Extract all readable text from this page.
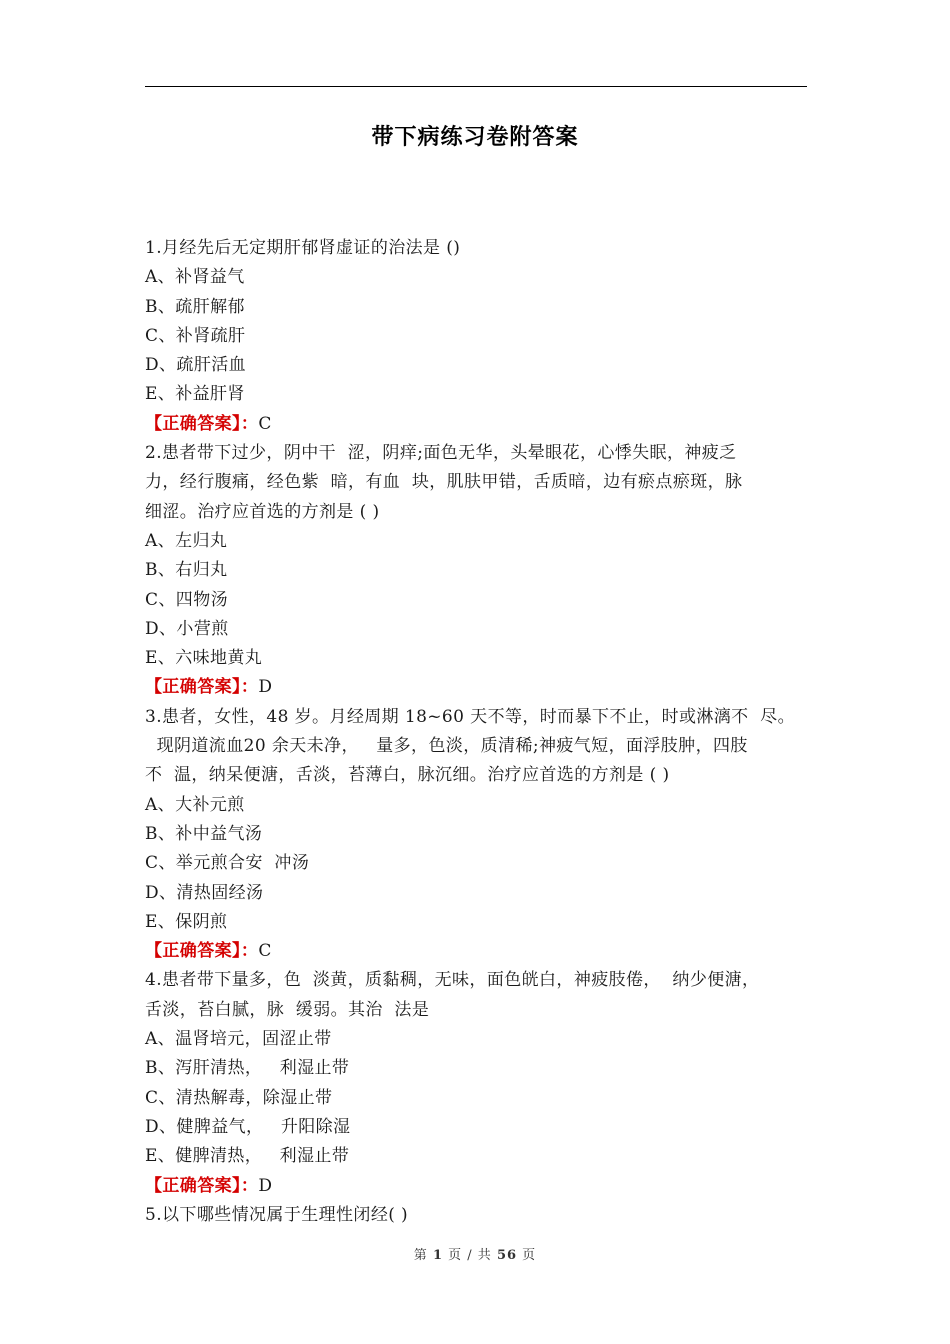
带下病练习卷附答案
1.月经先后无定期肝郁肾虚证的治法是 ()
A、补肾益气
B、疏肝解郁
C、补肾疏肝
D、疏肝活血
E、补益肝肾
【正确答案】：C
2.患者带下过少，阴中干  涩，阴痒;面色无华，头晕眼花，心悸失眠，神疲乏
力，经行腹痛，经色紫  暗，有血  块，肌肤甲错，舌质暗，边有瘀点瘀斑，脉
细涩。治疗应首选的方剂是 ( )
A、左归丸
B、右归丸
C、四物汤
D、小营煎
E、六味地黄丸
【正确答案】：D
3.患者，女性，48 岁。月经周期 18~60 天不等，时而暴下不止，时或淋漓不  尽。
现阴道流血20 余天未净，   量多，色淡，质清稀;神疲气短，面浮肢肿，四肢
不  温，纳呆便溏，舌淡，苔薄白，脉沉细。治疗应首选的方剂是 ( )
A、大补元煎
B、补中益气汤
C、举元煎合安  冲汤
D、清热固经汤
E、保阴煎
【正确答案】：C
4.患者带下量多，色  淡黄，质黏稠，无味，面色㿠白，神疲肢倦，  纳少便溏，
舌淡，苔白腻，脉  缓弱。其治  法是
A、温肾培元，固涩止带
B、泻肝清热，   利湿止带
C、清热解毒，除湿止带
D、健脾益气，   升阳除湿
E、健脾清热，   利湿止带
【正确答案】：D
5.以下哪些情况属于生理性闭经( )
第 1 页 / 共 56 页
